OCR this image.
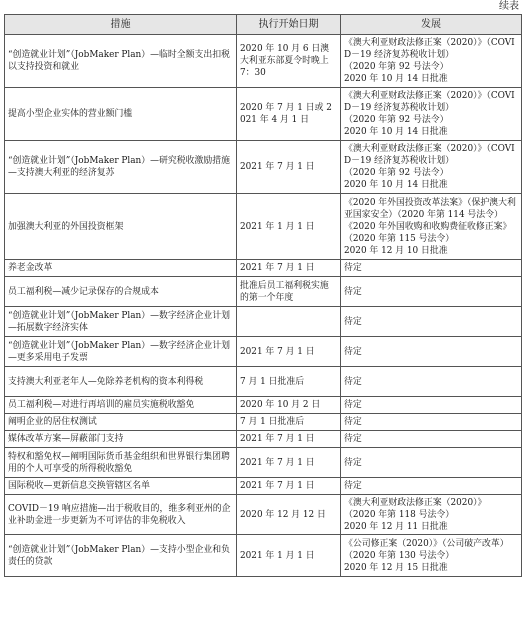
续表
措施	执行开始日期	发展
“创造就业计划”（JobMaker Plan）—临时全额支出扣税以支持投资和就业	2020 年 10 月 6 日澳大利亚东部夏令时晚上 7：30	《澳大利亚财政法修正案（2020）》（COVID－19 经济复苏税收计划）
（2020 年第 92 号法令）
2020 年 10 月 14 日批准

提高小型企业实体的营业额门槛	2020 年 7 月 1 日或 2021 年 4 月 1 日	《澳大利亚财政法修正案（2020）》（COVID－19 经济复苏税收计划）
（2020 年第 92 号法令）
2020 年 10 月 14 日批准

“创造就业计划”（JobMaker Plan）—研究税收激励措施—支持澳大利亚的经济复苏	2021 年 7 月 1 日	《澳大利亚财政法修正案（2020）》（COVID－19 经济复苏税收计划）
（2020 年第 92 号法令）
2020 年 10 月 14 日批准

加强澳大利亚的外国投资框架	2021 年 1 月 1 日	《2020 年外国投资改革法案》（保护澳大利亚国家安全）（2020 年第 114 号法令）
《2020 年外国收购和收购费征收修正案》（2020 年第 115 号法令）
2020 年 12 月 10 日批准

养老金改革	2021 年 7 月 1 日	待定

员工福利税—减少记录保存的合规成本	批准后员工福利税实施的第一个年度	待定

“创造就业计划”（JobMaker Plan）—数字经济企业计划—拓展数字经济实体		待定

“创造就业计划”（JobMaker Plan）—数字经济企业计划—更多采用电子发票	2021 年 7 月 1 日	待定

支持澳大利亚老年人—免除养老机构的资本利得税	7 月 1 日批准后	待定

员工福利税—对进行再培训的雇员实施税收豁免	2020 年 10 月 2 日	待定

阐明企业的居住权测试	7 月 1 日批准后	待定

媒体改革方案—屏蔽部门支持	2021 年 7 月 1 日	待定

特权和豁免权—阐明国际货币基金组织和世界银行集团聘用的个人可享受的所得税收豁免	2021 年 7 月 1 日	待定

国际税收—更新信息交换管辖区名单	2021 年 7 月 1 日	待定

COVID－19 响应措施—出于税收目的，维多利亚州的企业补助金进一步更新为不可评估的非免税收入	2020 年 12 月 12 日	《澳大利亚财政法修正案（2020）》
（2020 年第 118 号法令）
2020 年 12 月 11 日批准

“创造就业计划”（JobMaker Plan）—支持小型企业和负责任的贷款	2021 年 1 月 1 日	《公司修正案（2020）》（公司破产改革）（2020 年第 130 号法令）
2020 年 12 月 15 日批准
